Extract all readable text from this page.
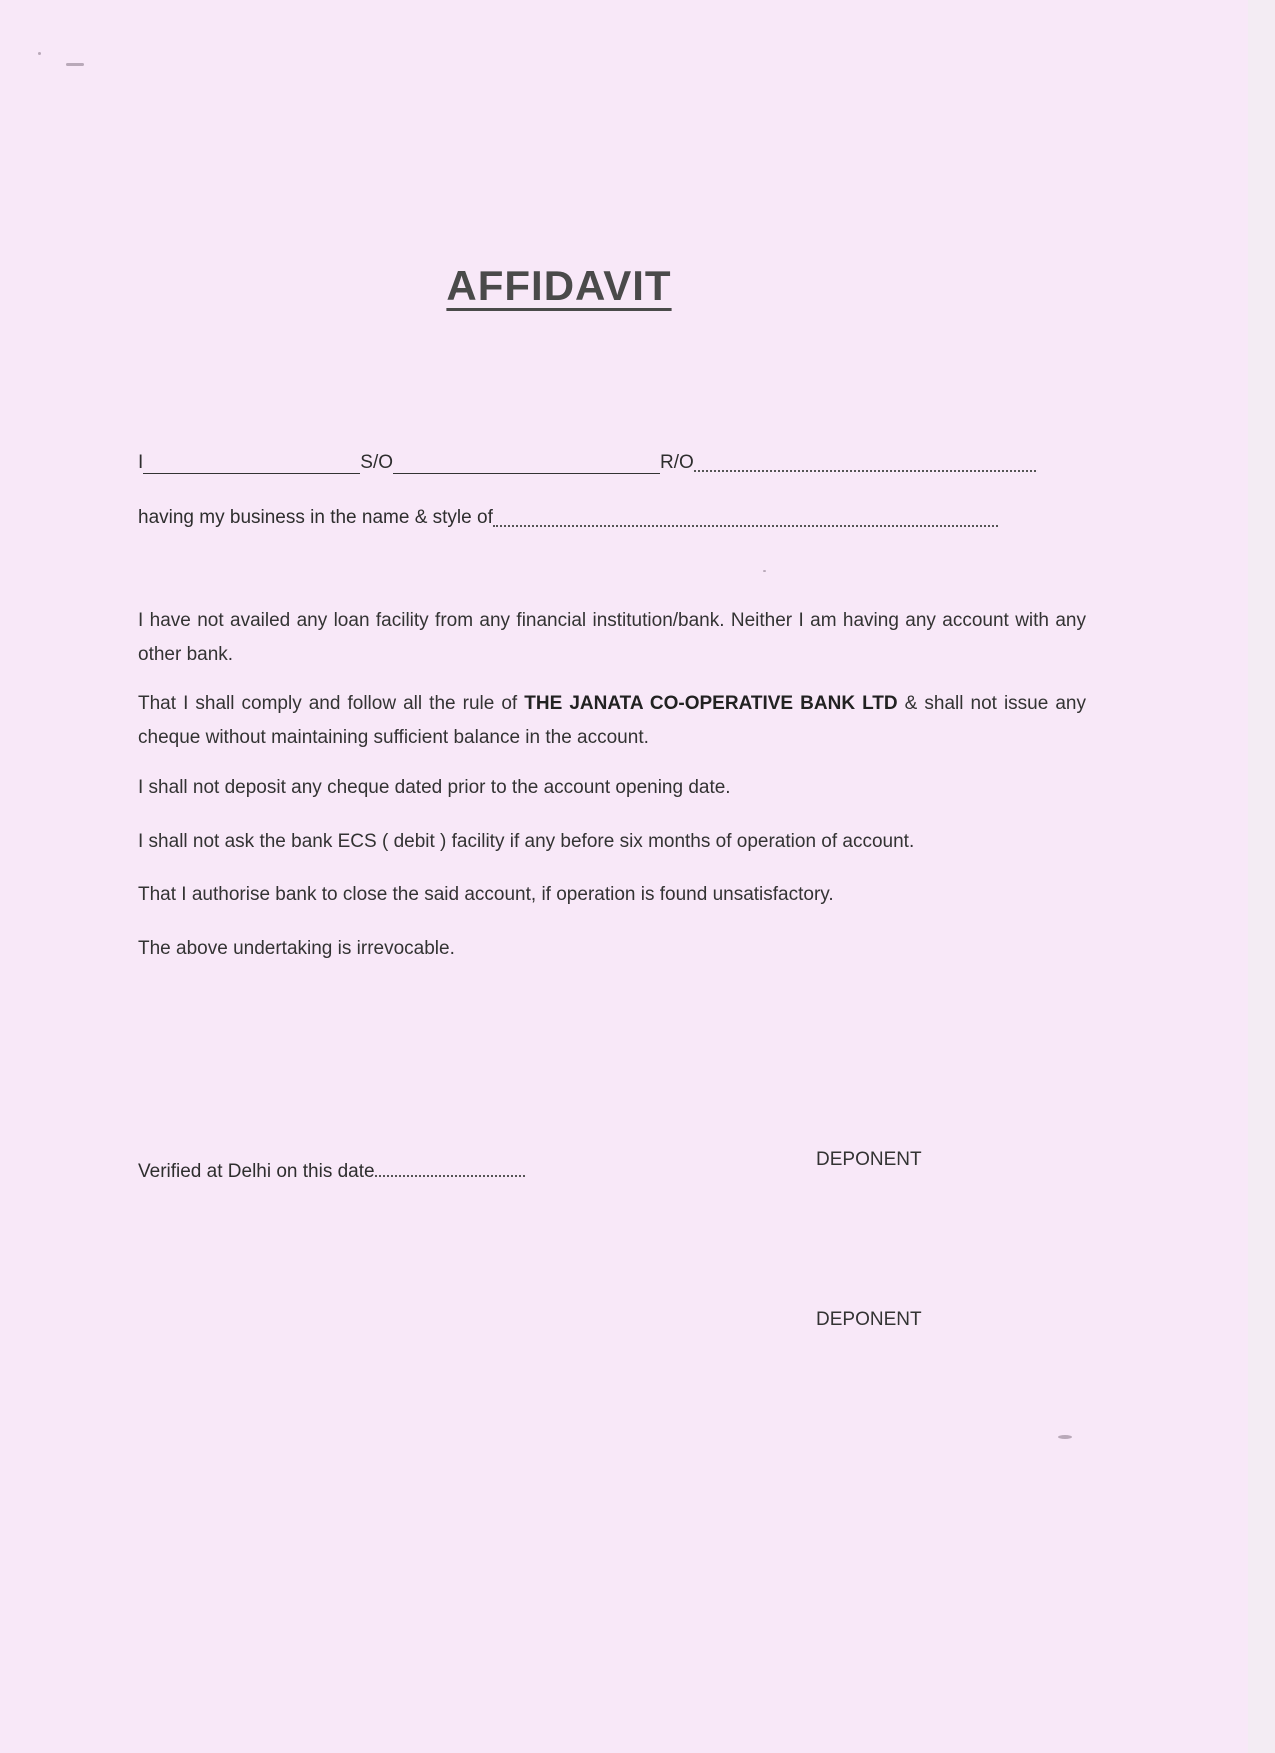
AFFIDAVIT
I	S/O	R/O
having my business in the name & style of
I have not availed any loan facility from any financial institution/bank. Neither I am having any account with any other bank.
That I shall comply and follow all the rule of THE JANATA CO-OPERATIVE BANK LTD & shall not issue any cheque without maintaining sufficient balance in the account.
I shall not deposit any cheque dated prior to the account opening date.
I shall not ask the bank ECS ( debit ) facility if any before six months of operation of account.
That I authorise bank to close the said account, if operation is found unsatisfactory.
The above undertaking is irrevocable.
Verified at Delhi on this date
DEPONENT
DEPONENT
